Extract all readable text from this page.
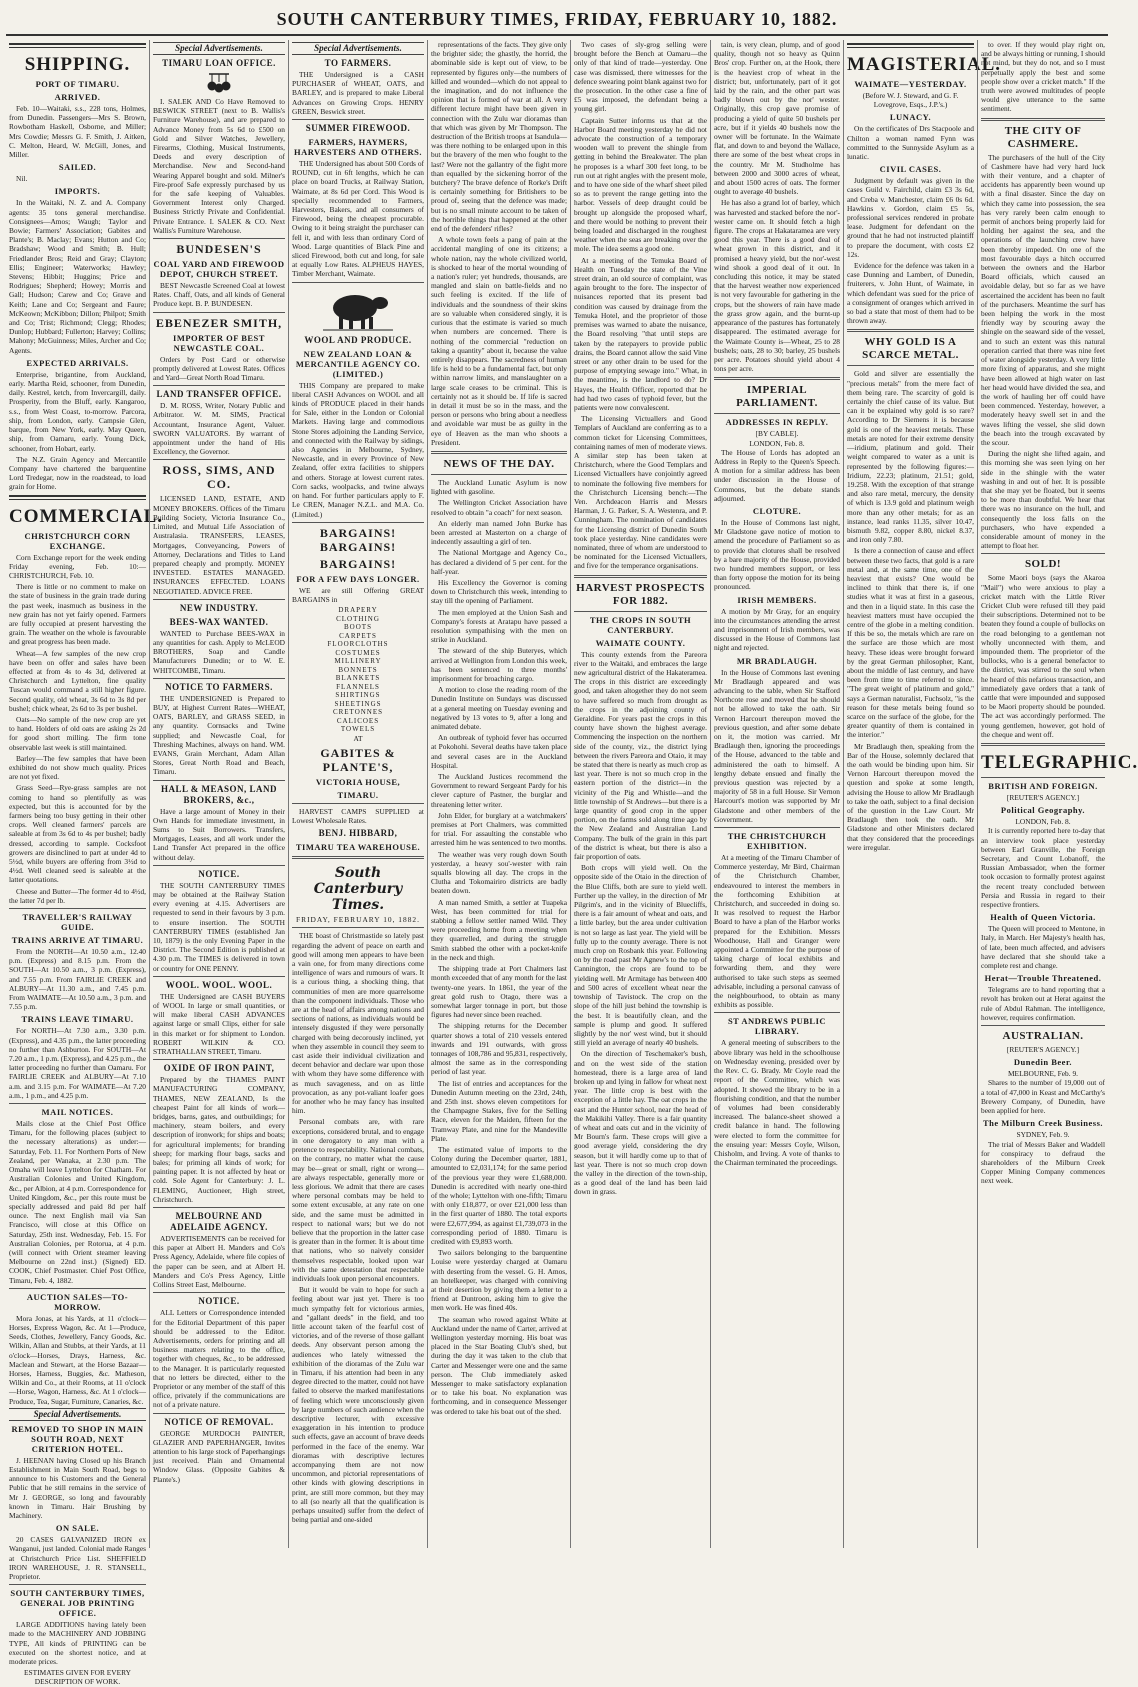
SOUTH CANTERBURY TIMES, FRIDAY, FEBRUARY 10, 1882.
SHIPPING.
PORT OF TIMARU.
ARRIVED.
Feb. 10—Waitaki, s.s., 228 tons, Holmes, from Dunedin. Passengers—Mrs S. Brown, Rowbotham Haskell, Osborne, and Miller; Mrs Cowdie; Messrs G. F. Smith, J. Aitken, C. Melton, Heard, W. McGill, Jones, and Miller.
SAILED.
Nil.
IMPORTS.
In the Waitaki, N. Z. and A. Company agents: 35 tons general merchandise. Consignees—Amos; Waugh; Taylor and Bowie; Farmers' Association; Gabites and Plante's; B. Maclay; Evans; Hutton and Co; Bradshaw; Wood and Smith; B. Hull; Friedlander Bros; Reid and Gray; Clayton; Ellis; Engineer; Waterworks; Hawley; Stevens; Hibbit; Huggins; Price and Rodrigues; Shepherd; Howey; Morris and Gall; Hudson; Carew and Co; Grave and Keith; Lane and Co; Sergeant and Faure; McKeown; McKibbon; Dillon; Philpot; Smith and Co; Trist; Richmond; Clegg; Rhodes; Dunlop; Hubbard; Fullerton; Harvey; Collins; Mahony; McGuinness; Miles, Archer and Co; Agents.
EXPECTED ARRIVALS.
Enterprise, brigantine, from Auckland, early. Martha Reid, schooner, from Dunedin, daily. Kestrel, ketch, from Invercargill, daily. Prosperity, from the Bluff, early. Kangaroo, s.s., from West Coast, to-morrow. Parcora, ship, from London, early. Campsie Glen, barque, from New York, early. May Queen, ship, from Oamaru, early. Young Dick, schooner, from Hobart, early.
The N.Z. Grain Agency and Mercantile Company have chartered the barquentine Lord Tredegar, now in the roadstead, to load grain for Home.
COMMERCIAL.
CHRISTCHURCH CORN EXCHANGE.
Corn Exchange report for the week ending Friday evening, Feb. 10:— CHRISTCHURCH, Feb. 10.
There is little or no comment to make on the state of business in the grain trade during the past week, inasmuch as business in the new grain has not yet fairly opened. Farmers are fully occupied at present harvesting the grain. The weather on the whole is favourable and great progress has been made.
Wheat—A few samples of the new crop have been on offer and sales have been effected at from 4s to 4s 3d, delivered at Christchurch and Lyttelton, fine quality Tuscan would command a still higher figure. Second quality, old wheat, 3s 6d to 3s 8d per bushel; chick wheat, 2s 6d to 3s per bushel.
Oats—No sample of the new crop are yet to hand. Holders of old oats are asking 2s 2d for good short milling. The firm tone observable last week is still maintained.
Barley—The few samples that have been exhibited do not show much quality. Prices are not yet fixed.
Grass Seed—Rye-grass samples are not coming to hand so plentifully as was expected, but this is accounted for by the farmers being too busy getting in their other crops. Well cleaned farmers' parcels are saleable at from 3s 6d to 4s per bushel; badly dressed, according to sample. Cocksfoot growers are disinclined to part at under 4d to 5½d, while buyers are offering from 3½d to 4½d. Well cleaned seed is saleable at the latter quotations.
Cheese and Butter—The former 4d to 4½d, the latter 7d per lb.
TRAVELLER'S RAILWAY GUIDE.
TRAINS ARRIVE AT TIMARU.
From the NORTH—At 10.50 a.m., 12.40 p.m. (Express) and 8.15 p.m. From the SOUTH—At 10.50 a.m., 3 p.m. (Express), and 7.55 p.m. From FAIRLIE CREEK and ALBURY—At 11.30 a.m., and 7.45 p.m. From WAIMATE—At 10.50 a.m., 3 p.m. and 7.55 p.m.
TRAINS LEAVE TIMARU.
For NORTH—At 7.30 a.m., 3.30 p.m. (Express), and 4.35 p.m., the latter proceeding no further than Ashburton. For SOUTH—At 7.20 a.m., 1 p.m. (Express), and 4.25 p.m., the latter proceeding no further than Oamaru. For FAIRLIE CREEK and ALBURY—At 7.10 a.m. and 3.15 p.m. For WAIMATE—At 7.20 a.m., 1 p.m., and 4.25 p.m.
MAIL NOTICES.
Mails close at the Chief Post Office Timaru, for the following places (subject to the necessary alterations) as under:— Saturday, Feb. 11. For Northern Ports of New Zealand, per Wanaka, at 2.30 p.m. The Omaha will leave Lyttelton for Chatham. For Australian Colonies and United Kingdom, &c., per Albion, at 4 p.m. Correspondence for United Kingdom, &c., per this route must be specially addressed and paid 8d per half ounce. The next English mail via San Francisco, will close at this Office on Saturday, 25th inst. Wednesday, Feb. 15. For Australian Colonies, per Rotorua, at 4 p.m. (will connect with Orient steamer leaving Melbourne on 22nd inst.) (Signed) ED. COOK, Chief Postmaster. Chief Post Office, Timaru, Feb. 4, 1882.
AUCTION SALES—TO-MORROW.
Mora Jonas, at his Yards, at 11 o'clock—Horses, Express Wagon, &c. At 1—Produce, Seeds, Clothes, Jewellery, Fancy Goods, &c. Wilkin, Allan and Stubbs, at their Yards, at 11 o'clock—Horses, Drays, Harness, &c. Maclean and Stewart, at the Horse Bazaar—Horses, Harness, Buggies, &c. Matheson, Wilkin and Co., at their Rooms, at 11 o'clock—Horse, Wagon, Harness, &c. At 1 o'clock—Produce, Tea, Sugar, Furniture, Canaries, &c.
Special Advertisements.
REMOVED TO SHOP IN MAIN SOUTH ROAD, NEXT CRITERION HOTEL.
J. HEENAN having Closed up his Branch Establishment in Main South Road, begs to announce to his Customers and the General Public that he still remains in the service of Mr J. GEORGE, so long and favourably known in Timaru. Hair Brushing by Machinery.
ON SALE.
20 CASES GALVANIZED IRON ex Wanganui, just landed. Colonial made Ranges at Christchurch Price List. SHEFFIELD IRON WAREHOUSE, J. R. STANSELL, Proprietor.
SOUTH CANTERBURY TIMES, GENERAL JOB PRINTING OFFICE.
LARGE ADDITIONS having lately been made to the MACHINERY AND JOBBING TYPE, All kinds of PRINTING can be executed on the shortest notice, and at moderate prices.
ESTIMATES GIVEN FOR EVERY DESCRIPTION OF WORK.
Special Advertisements.
TIMARU LOAN OFFICE.
I. SALEK AND Co Have Removed to BESWICK STREET (next to B. Wallis's Furniture Warehouse), and are prepared to Advance Money from 5s 6d to £500 on Gold and Silver Watches, Jewellery, Firearms, Clothing, Musical Instruments, Deeds and every description of Merchandise. New and Second-hand Wearing Apparel bought and sold. Milner's Fire-proof Safe expressly purchased by us for the safe keeping of Valuables. Government Interest only Charged. Business Strictly Private and Confidential. Private Entrance. I. SALEK & CO. Next Wallis's Furniture Warehouse.
BUNDESEN'S
COAL YARD AND FIREWOOD DEPOT, CHURCH STREET.
BEST Newcastle Screened Coal at lowest Rates. Chaff, Oats, and all kinds of General Produce kept. B. P. BUNDESEN.
EBENEZER SMITH,
IMPORTER OF BEST NEWCASTLE COAL.
Orders by Post Card or otherwise promptly delivered at Lowest Rates. Offices and Yard—Great North Road Timaru.
LAND TRANSFER OFFICE.
D. M. ROSS, Writer, Notary Public and Arbitrator. W. M. SIMS, Practical Accountant, Insurance Agent, Valuer. SWORN VALUATORS. By warrant of appointment under the hand of His Excellency, the Governor.
ROSS, SIMS, AND CO.
LICENSED LAND, ESTATE, AND MONEY BROKERS. Offices of the Timaru Building Society, Victoria Insurance Co., Limited, and Mutual Life Association of Australasia. TRANSFERS, LEASES, Mortgages, Conveyancing, Powers of Attorney, Declarations and Titles to Land prepared cheaply and promptly. MONEY INVESTED. ESTATES MANAGED. INSURANCES EFFECTED. LOANS NEGOTIATED. ADVICE FREE.
NEW INDUSTRY.
BEES-WAX WANTED.
WANTED to Purchase BEES-WAX in any quantities for cash. Apply to McLEOD BROTHERS, Soap and Candle Manufacturers Dunedin; or to W. E. WHITCOMBE, Timaru.
NOTICE TO FARMERS.
THE UNDERSIGNED is Prepared to BUY, at Highest Current Rates—WHEAT, OATS, BARLEY, and GRASS SEED, in any quantity. Cornsacks and Twine supplied; and Newcastle Coal, for Threshing Machines, always on hand. WM. EVANS, Grain Merchant, Adam Allan Stores, Great North Road and Beach, Timaru.
HALL & MEASON, LAND BROKERS, &c.,
Have a large amount of Money in their Own Hands for immediate investment, in Sums to Suit Borrowers. Transfers, Mortgages, Leases, and all work under the Land Transfer Act prepared in the office without delay.
NOTICE.
THE SOUTH CANTERBURY TIMES may be obtained at the Railway Station every evening at 4.15. Advertisers are requested to send in their favours by 3 p.m. to ensure insertion. The SOUTH CANTERBURY TIMES (established Jan 10, 1879) is the only Evening Paper in the District. The Second Edition is published at 4.30 p.m. The TIMES is delivered in town or country for ONE PENNY.
WOOL. WOOL. WOOL.
THE Undersigned are CASH BUYERS of WOOL In large or small quantities, or will make liberal CASH ADVANCES against large or small Clips, either for sale in this market or for shipment to London. ROBERT WILKIN & CO. STRATHALLAN STREET, Timaru.
OXIDE OF IRON PAINT,
Prepared by the THAMES PAINT MANUFACTURING COMPANY, THAMES, NEW ZEALAND, Is the cheapest Paint for all kinds of work—bridges, barns, gates, and outbuildings; for machinery, steam boilers, and every description of ironwork; for ships and boats; for agricultural implements; for branding sheep; for marking flour bags, sacks and bales; for priming all kinds of work; for painting paper. It is not affected by heat or cold. Sole Agent for Canterbury: J. L. FLEMING, Auctioneer, High street, Christchurch.
MELBOURNE AND ADELAIDE AGENCY.
ADVERTISEMENTS can be received for this paper at Albert H. Manders and Co's Press Agency, Adelaide, where file copies of the paper can be seen, and at Albert H. Manders and Co's Press Agency, Little Collins Street East, Melbourne.
NOTICE.
ALL Letters or Correspondence intended for the Editorial Department of this paper should be addressed to the Editor. Advertisements, orders for printing and all business matters relating to the office, together with cheques, &c., to be addressed to the Manager. It is particularly requested that no letters be directed, either to the Proprietor or any member of the staff of this office, privately if the communications are not of a private nature.
NOTICE OF REMOVAL.
GEORGE MURDOCH PAINTER, GLAZIER AND PAPERHANGER, Invites attention to his large stock of Paperhangings just received. Plain and Ornamental Window Glass. (Opposite Gabites & Plante's.)
Special Advertisements.
TO FARMERS.
THE Undersigned is a CASH PURCHASER of WHEAT, OATS, and BARLEY, and is prepared to make Liberal Advances on Growing Crops. HENRY GREEN, Beswick street.
SUMMER FIREWOOD.
FARMERS, HAYMERS, HARVESTERS AND OTHERS.
THE Undersigned has about 500 Cords of ROUND, cut in 6ft lengths, which he can place on board Trucks, at Railway Station, Waimate, at 8s 6d per Cord. This Wood is specially recommended to Farmers, Harvesters, Bakers, and all consumers of Firewood, being the cheapest procurable. Owing to it being straight the purchaser can fell it, and with less than ordinary Cord of Wood. Large quantities of Black Pine and sliced Firewood, both cut and long, for sale at equally Low Rates. ALPHEUS HAYES, Timber Merchant, Waimate.
WOOL AND PRODUCE.
NEW ZEALAND LOAN & MERCANTILE AGENCY CO. (LIMITED.)
THIS Company are prepared to make liberal CASH Advances on WOOL and all kinds of PRODUCE placed in their hands for Sale, either in the London or Colonial Markets. Having large and commodious Stone Stores adjoining the Landing Service, and connected with the Railway by sidings, also Agencies in Melbourne, Sydney, Newcastle, and in every Province of New Zealand, offer extra facilities to shippers and others. Storage at lowest current rates. Corn sacks, woolpacks, and twine always on hand. For further particulars apply to F. Le CREN, Manager N.Z.L. and M.A. Co. (Limited.)
BARGAINS! BARGAINS!
BARGAINS!
FOR A FEW DAYS LONGER.
WE are still Offering GREAT BARGAINS in
DRAPERY
CLOTHING
BOOTS
CARPETS
FLOORCLOTHS
COSTUMES
MILLINERY
BONNETS
BLANKETS
FLANNELS
SHIRTINGS
SHEETINGS
CRETONNES
CALICOES
TOWELS
AT
GABITES & PLANTE'S,
VICTORIA HOUSE,
TIMARU.
HARVEST CAMPS SUPPLIED at Lowest Wholesale Rates.
BENJ. HIBBARD,
TIMARU TEA WAREHOUSE.
South Canterbury Times.
FRIDAY, FEBRUARY 10, 1882.
THE boast of Christmastide so lately past regarding the advent of peace on earth and good will among men appears to have been a vain one, for from many directions come intelligence of wars and rumours of wars. It is a curious thing, a shocking thing, that communities of men are more quarrelsome than the component individuals. Those who are at the head of affairs among nations and sections of nations, as individuals would be intensely disgusted if they were personally charged with being decorously inclined, yet when they assemble in council they seem to cast aside their individual civilization and decent behavior and declare war upon those with whom they have some difference with as much savageness, and on as little provocation, as any pot-valiant loafer goes for another who he may fancy has insulted him.
Personal combats are, with rare exceptions, considered brutal, and to engage in one derogatory to any man with a pretence to respectability. National combats, on the contrary, no matter what the cause may be—great or small, right or wrong—are always respectable, generally more or less glorious. We admit that there are cases where personal combats may be held to some extent excusable, at any rate on one side, and the same must be admitted in respect to national wars; but we do not believe that the proportion in the latter case is greater than in the former. It is about time that nations, who so naively consider themselves respectable, looked upon war with the same detestation that respectable individuals look upon personal encounters.
But it would be vain to hope for such a feeling about war just yet. There is too much sympathy felt for victorious armies, and "gallant deeds" in the field, and too little account taken of the fearful cost of victories, and of the reverse of those gallant deeds. Any observant person among the audiences who lately witnessed the exhibition of the dioramas of the Zulu war in Timaru, if his attention had been in any degree directed to the matter, could not have failed to observe the marked manifestations of feeling which were unconsciously given by large numbers of such audience when the descriptive lecturer, with excessive exaggeration in his intention to produce such effects, gave an account of brave deeds performed in the face of the enemy. War dioramas with descriptive lectures accompanying them are not now uncommon, and pictorial representations of other kinds with glowing descriptions in print, are still more common, but they may to all (so nearly all that the qualification is perhaps unsuited) suffer from the defect of being partial and one-sided
representations of the facts. They give only the brighter side; the ghastly, the horrid, the abominable side is kept out of view, to be represented by figures only—the numbers of killed and wounded—which do not appeal to the imagination, and do not influence the opinion that is formed of war at all. A very different lecture might have been given in connection with the Zulu war dioramas than that which was given by Mr Thompson. The destruction of the British troops at Isandula—was there nothing to be enlarged upon in this but the bravery of the men who fought to the last? Were not the gallantry of the fight more than equalled by the sickening horror of the butchery? The brave defence of Rorke's Drift is certainly something for Britishers to be proud of, seeing that the defence was made; but is no small minute account to be taken of the horrible things that happened at the other end of the defenders' rifles?
A whole town feels a pang of pain at the accidental mangling of one its citizens; a whole nation, nay the whole civilized world, is shocked to hear of the mortal wounding of a nation's ruler; yet hundreds, thousands, are mangled and slain on battle-fields and no such feeling is excited. If the life of individuals and the soundness of their skins are so valuable when considered singly, it is curious that the estimate is varied so much when numbers are concerned. There is nothing of the commercial "reduction on taking a quantity" about it, because the value entirely disappears. The sacredness of human life is held to be a fundamental fact, but only within narrow limits, and manslaughter on a large scale ceases to be criminal. This is certainly not as it should be. If life is sacred in detail it must be so in the mass, and the person or persons who bring about a needless and avoidable war must be as guilty in the eye of Heaven as the man who shoots a President.
NEWS OF THE DAY.
The Auckland Lunatic Asylum is now lighted with gasoline.
The Wellington Cricket Association have resolved to obtain "a coach" for next season.
An elderly man named John Burke has been arrested at Masterton on a charge of indecently assaulting a girl of ten.
The National Mortgage and Agency Co., has declared a dividend of 5 per cent. for the half-year.
His Excellency the Governor is coming down to Christchurch this week, intending to stay till the opening of Parliament.
The men employed at the Union Sash and Company's forests at Aratapu have passed a resolution sympathising with the men on strike in Auckland.
The steward of the ship Buteryes, which arrived at Wellington from London this week, has been sentenced to three months' imprisonment for broaching cargo.
A motion to close the reading room of the Dunedin Institute on Sundays was discussed at a general meeting on Tuesday evening and negatived by 13 votes to 9, after a long and animated debate.
An outbreak of typhoid fever has occurred at Pokohohi. Several deaths have taken place and several cases are in the Auckland Hospital.
The Auckland Justices recommend the Government to reward Sergeant Pardy for his clever capture of Pastner, the burglar and threatening letter writer.
John Elder, for burglary at a watchmakers' premises at Port Chalmers, was committed for trial. For assaulting the constable who arrested him he was sentenced to two months.
The weather was very rough down South yesterday, a heavy sou'-wester with rain squalls blowing all day. The crops in the Clutha and Tokomairiro districts are badly beaten down.
A man named Smith, a settler at Tuapeka West, has been committed for trial for stabbing a fellow settler named Wild. They were proceeding home from a meeting when they quarrelled, and during the struggle Smith stabbed the other with a pocket-knife in the neck and thigh.
The shipping trade at Port Chalmers last month exceeded that of any month for the last twenty-one years. In 1861, the year of the great gold rush to Otago, there was a somewhat larger tonnage in port, but those figures had never since been reached.
The shipping returns for the December quarter shows a total of 210 vessels entered inwards and 191 outwards, with gross tonnages of 108,786 and 95,831, respectively, almost the same as in the corresponding period of last year.
The list of entries and acceptances for the Dunedin Autumn meeting on the 23rd, 24th, and 25th inst. shows eleven competitors for the Champagne Stakes, five for the Selling Race, eleven for the Maiden, fifteen for the Tramway Plate, and nine for the Mandeville Plate.
The estimated value of imports to the Colony during the December quarter, 1881, amounted to £2,031,174; for the same period of the previous year they were £1,688,000. Dunedin is accredited with nearly one-third of the whole; Lyttelton with one-fifth; Timaru with only £18,877, or over £21,000 less than in the first quarter of 1880. The total exports were £2,677,994, as against £1,739,073 in the corresponding period of 1880. Timaru is credited with £9,893 worth.
Two sailors belonging to the barquentine Louise were yesterday charged at Oamaru with deserting from the vessel. G. H. Amos, an hotelkeeper, was charged with conniving at their desertion by giving them a letter to a friend at Duntroon, asking him to give the men work. He was fined 40s.
The seaman who rowed against White at Auckland under the name of Carter, arrived at Wellington yesterday morning. His boat was placed in the Star Boating Club's shed, but during the day it was taken to the club that Carter and Messenger were one and the same person. The Club immediately asked Messenger to make satisfactory explanation or to take his boat. No explanation was forthcoming, and in consequence Messenger was ordered to take his boat out of the shed.
Two cases of sly-grog selling were brought before the Bench at Oamaru—the only of that kind of trade—yesterday. One case was dismissed, there witnesses for the defence swearing point blank against two for the prosecution. In the other case a fine of £5 was imposed, the defendant being a young girl.
Captain Sutter informs us that at the Harbor Board meeting yesterday he did not advocate the construction of a temporary wooden wall to prevent the shingle from getting in behind the Breakwater. The plan he proposes is a wharf 300 feet long, to be run out at right angles with the present mole, and to have one side of the wharf sheet piled so as to prevent the range getting into the harbor. Vessels of deep draught could be brought up alongside the proposed wharf, and there would be nothing to prevent their being loaded and discharged in the roughest weather when the seas are breaking over the mole. The idea seems a good one.
At a meeting of the Temuka Board of Health on Tuesday the state of the Vine street drain, an old source of complaint, was again brought to the fore. The inspector of nuisances reported that its present bad condition was caused by drainage from the Temuka Hotel, and the proprietor of those premises was warned to abate the nuisance, the Board resolving "that until steps are taken by the ratepayers to provide public drains, the Board cannot allow the said Vine street or any other drain to be used for the purpose of emptying sewage into." What, in the meantime, is the landlord to do? Dr Hayes, the Health Officer, reported that he had had two cases of typhoid fever, but the patients were now convalescent.
The Licensing Victuallers and Good Templars of Auckland are conferring as to a common ticket for Licensing Committees, containing names of men of moderate views. A similar step has been taken at Christchurch, where the Good Templars and Licensed Victuallers have conjointly agreed to nominate the following five members for the Christchurch Licensing bench:—The Ven. Archdeacon Harris and Messrs Harman, J. G. Parker, S. A. Westenra, and P. Cunningham. The nomination of candidates for the Licensing district of Dunedin South took place yesterday. Nine candidates were nominated, three of whom are understood to be nominated for the Licensed Victuallers, and five for the temperance organisations.
HARVEST PROSPECTS FOR 1882.
THE CROPS IN SOUTH CANTERBURY.
WAIMATE COUNTY.
This county extends from the Pareora river to the Waitaki, and embraces the large new agricultural district of the Hakateramea. The crops in this district are exceedingly good, and taken altogether they do not seem to have suffered so much from drought as the crops in the adjoining county of Geraldine. For years past the crops in this county have shown the highest average. Commencing the inspection on the northern side of the county, viz., the district lying between the rivers Pareora and Otaio, it may be stated that there is nearly as much crop as last year. There is not so much crop in the eastern portion of the district—in the vicinity of the Pig and Whistle—and the little township of St Andrews—but there is a large quantity of good crop in the upper portion, on the farms sold along time ago by the New Zealand and Australian Land Company. The bulk of the grain in this part of the district is wheat, but there is also a fair proportion of oats.
Both crops will yield well. On the opposite side of the Otaio in the direction of the Blue Cliffs, both are sure to yield well. Further up the valley, in the direction of Mr Pilgrim's, and in the vicinity of Bluecliffs, there is a fair amount of wheat and oats, and a little barley, but the area under cultivation is not so large as last year. The yield will be fully up to the county average. There is not much crop on Rosbank this year. Following on by the road past Mr Agnew's to the top of Cannington, the crops are found to be yielding well. Mr Armitage has between 400 and 500 acres of excellent wheat near the township of Tavistock. The crop on the slope of the hill just behind the township is the best. It is beautifully clean, and the sample is plump and good. It suffered slightly by the nor' west wind, but it should still yield an average of nearly 40 bushels.
On the direction of Teschemaker's bush, and on the west side of the station homestead, there is a large area of land broken up and lying in fallow for wheat next year. The little crop is best with the exception of a little hay. The oat crops in the east and the Hunter school, near the head of the Makikihi Valley. There is a fair quantity of wheat and oats cut and in the vicinity of Mr Bourn's farm. These crops will give a good average yield, considering the dry season, but it will hardly come up to that of last year. There is not so much crop down the valley in the direction of the town-ship, as a good deal of the land has been laid down in grass.
tain, is very clean, plump, and of good quality, though not so heavy as Quinn Bros' crop. Further on, at the Hook, there is the heaviest crop of wheat in the district; but, unfortunately, part of it got laid by the rain, and the other part was badly blown out by the nor' wester. Originally, this crop gave promise of producing a yield of quite 50 bushels per acre, but if it yields 40 bushels now the owner will be fortunate. In the Waimate flat, and down to and beyond the Wallace, there are some of the best wheat crops in the country. Mr M. Studholme has between 2000 and 3000 acres of wheat, and about 1500 acres of oats. The former ought to average 40 bushels.
He has also a grand lot of barley, which was harvested and stacked before the nor'-wester came on. It should fetch a high figure. The crops at Hakataramea are very good this year. There is a good deal of wheat grown in this district, and it promised a heavy yield, but the nor'-west wind shook a good deal of it out. In concluding this notice, it may be stated that the harvest weather now experienced is not very favourable for gathering in the crops, but the showers of rain have made the grass grow again, and the burnt-up appearance of the pastures has fortunately disappeared. The estimated average for the Waimate County is—Wheat, 25 to 28 bushels; oats, 28 to 30; barley, 25 bushels per acre. Potatoes should yield about 4 tons per acre.
IMPERIAL PARLIAMENT.
ADDRESSES IN REPLY.
[BY CABLE].
LONDON, Feb. 8.
The House of Lords has adopted an Address in Reply to the Queen's Speech. A motion for a similar address has been under discussion in the House of Commons, but the debate stands adjourned.
CLOTURE.
In the House of Commons last night, Mr Gladstone gave notice of motion to amend the procedure of Parliament so as to provide that clotures shall be resolved by a bare majority of the House, provided two hundred members support, or less than forty oppose the motion for its being pronounced.
IRISH MEMBERS.
A motion by Mr Gray, for an enquiry into the circumstances attending the arrest and imprisonment of Irish members, was discussed in the House of Commons last night and rejected.
MR BRADLAUGH.
In the House of Commons last evening Mr Bradlaugh appeared and was advancing to the table, when Sir Stafford Northcote rose and moved that he should not be allowed to take the oath. Sir Vernon Harcourt thereupon moved the previous question, and after some debate on it, the motion was carried. Mr Bradlaugh then, ignoring the proceedings of the House, advanced to the table and administered the oath to himself. A lengthy debate ensued and finally the previous question was rejected by a majority of 58 in a full House. Sir Vernon Harcourt's motion was supported by Mr Gladstone and other members of the Government.
THE CHRISTCHURCH EXHIBITION.
At a meeting of the Timaru Chamber of Commerce yesterday, Mr Bird, Chairman of the Christchurch Chamber, endeavoured to interest the members in the forthcoming Exhibition at Christchurch, and succeeded in doing so. It was resolved to request the Harbor Board to have a plan of the Harbor works prepared for the Exhibition. Messrs Woodhouse, Hall and Granger were appointed a Committee for the purpose of taking charge of local exhibits and forwarding them, and they were authorised to take such steps as seemed advisable, including a personal canvass of the neighbourhood, to obtain as many exhibits as possible.
ST ANDREWS PUBLIC LIBRARY.
A general meeting of subscribers to the above library was held in the schoolhouse on Wednesday evening, presided over by the Rev. C. G. Brady. Mr Coyle read the report of the Committee, which was adopted. It showed the library to be in a flourishing condition, and that the number of volumes had been considerably increased. The balance-sheet showed a credit balance in hand. The following were elected to form the committee for the ensuing year: Messrs Coyle, Wilson, Chisholm, and Irving. A vote of thanks to the Chairman terminated the proceedings.
MAGISTERIAL.
WAIMATE—YESTERDAY.
(Before W. J. Steward, and G. F. Lovegrove, Esqs., J.P.'s.)
LUNACY.
On the certificates of Drs Stacpoole and Chilton a woman named Fynn was committed to the Sunnyside Asylum as a lunatic.
CIVIL CASES.
Judgment by default was given in the cases Guild v. Fairchild, claim £3 3s 6d, and Creba v. Manchester, claim £6 0s 6d. Hawkins v. Gordon, claim £5 5s, professional services rendered in probate lease. Judgment for defendant on the ground that he had not instructed plaintiff to prepare the document, with costs £2 12s.
Evidence for the defence was taken in a case Dunning and Lambert, of Dunedin, fruiterers, v. John Hunt, of Waimate, in which defendant was sued for the price of a consignment of oranges which arrived in so bad a state that most of them had to be thrown away.
WHY GOLD IS A SCARCE METAL.
Gold and silver are essentially the "precious metals" from the mere fact of them being rare. The scarcity of gold is certainly the chief cause of its value. But can it be explained why gold is so rare? According to Dr Siemens it is because gold is one of the heaviest metals. These metals are noted for their extreme density—iridium, platinum and gold. Their weight compared to water as a unit is represented by the following figures:—Iridium, 22.23; platinum, 21.51; gold, 19.258. With the exception of that strange and also rare metal, mercury, the density of which is 13.9 gold and platinum weigh more than any other metals; for as an instance, lead ranks 11.35, silver 10.47, bismuth 9.82, copper 8.80, nickel 8.37, and iron only 7.80.
Is there a connection of cause and effect between these two facts, that gold is a rare metal and, at the same time, one of the heaviest that exists? One would be inclined to think that there is, if one studies what it was at first in a gaseous, and then in a liquid state. In this case the heaviest matters must have occupied the centre of the globe in a melting condition. If this be so, the metals which are rare on the surface are those which are most heavy. These ideas were brought forward by the great German philosopher, Kant, about the middle of last century, and have been from time to time referred to since. "The great weight of platinum and gold," says a German naturalist, Fuchsolz, "is the reason for these metals being found so scarce on the surface of the globe, for the greater quantity of them is contained in the interior."
Mr Bradlaugh then, speaking from the Bar of the House, solemnly declared that the oath would be binding upon him. Sir Vernon Harcourt thereupon moved the question and spoke at some length, advising the House to allow Mr Bradlaugh to take the oath, subject to a final decision of the question in the Law Court. Mr Bradlaugh then took the oath. Mr Gladstone and other Ministers declared that they considered that the proceedings were irregular.
to over. If they would play right on, and be always hitting or running, I should not mind, but they do not, and so I must perpetually apply the best and some people show over a cricket match." If the truth were avowed multitudes of people would give utterance to the same sentiment.
THE CITY OF CASHMERE.
The purchasers of the hull of the City of Cashmere have had very hard luck with their venture, and a chapter of accidents has apparently been wound up with a final disaster. Since the day on which they came into possession, the sea has very rarely been calm enough to permit of anchors being properly laid for holding her against the sea, and the operations of the launching crew have been thereby impeded. On one of the most favourable days a hitch occurred between the owners and the Harbor Board officials, which caused an avoidable delay, but so far as we have ascertained the accident has been no fault of the purchasers. Meantime the surf has been helping the work in the most friendly way by scouring away the shingle on the seaward side of the vessel, and to such an extent was this natural operation carried that there was nine feet of water alongside yesterday. A very little more fixing of apparatus, and she might have been allowed at high water on last her head would have divided the sea, and the work of hauling her off could have been commenced. Yesterday, however, a moderately heavy swell set in and the waves lifting the vessel, she slid down the beach into the trough excavated by the scour.
During the night she lifted again, and this morning she was seen lying on her side in the shingle with the water washing in and out of her. It is possible that she may yet be floated, but it seems to be more than doubtful. We hear that there was no insurance on the hull, and consequently the loss falls on the purchasers, who have expended a considerable amount of money in the attempt to float her.
SOLD!
Some Maori boys (says the Akaroa "Mail") who were anxious to play a cricket match with the Little River Cricket Club were refused till they paid their subscriptions. Determined not to be beaten they found a couple of bullocks on the road belonging to a gentleman not wholly unconnected with them, and impounded them. The proprietor of the bullocks, who is a general benefactor to the district, was stirred to the soul when he heard of this nefarious transaction, and immediately gave orders that a tank of cattle that were impounded and supposed to be Maori property should be pounded. The act was accordingly performed. The young gentlemen, however, got hold of the cheque and went off.
TELEGRAPHIC.
BRITISH AND FOREIGN.
[REUTER'S AGENCY.]
Political Geography.
LONDON, Feb. 8.
It is currently reported here to-day that an interview took place yesterday between Earl Granville, the Foreign Secretary, and Count Lobanoff, the Russian Ambassador, when the former took occasion to formally protest against the recent treaty concluded between Persia and Russia in regard to their respective frontiers.
Health of Queen Victoria.
The Queen will proceed to Mentone, in Italy, in March. Her Majesty's health has, of late, been much affected, and advisers have declared that she should take a complete rest and change.
Herat—Trouble Threatened.
Telegrams are to hand reporting that a revolt has broken out at Herat against the rule of Abdul Rahman. The intelligence, however, requires confirmation.
AUSTRALIAN.
[REUTER'S AGENCY.]
Dunedin Beer.
MELBOURNE, Feb. 9.
Shares to the number of 19,000 out of a total of 47,000 in Keast and McCarthy's Brewery Company, of Dunedin, have been applied for here.
The Milburn Creek Business.
SYDNEY, Feb. 9.
The trial of Messrs Baker and Waddell for conspiracy to defraud the shareholders of the Milburn Creek Copper Mining Company commences next week.
